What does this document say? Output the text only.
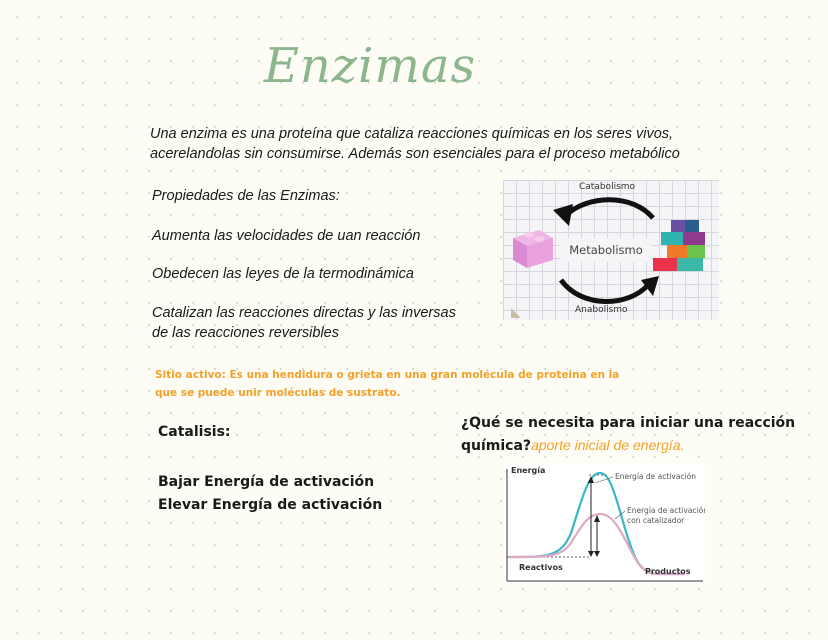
Enzimas
Una enzima es una proteína que cataliza reacciones químicas en los seres vivos,
acerelandolas sin consumirse. Además son esenciales para el proceso metabólico
Propiedades de las Enzimas:
Aumenta las velocidades de uan reacción
Obedecen las leyes de la termodinámica
Catalizan las reacciones directas y las inversas
de las reacciones reversibles
Catabolismo
Metabolismo
Anabolismo
Sitio activo: Es una hendidura o grieta en una gran molécula de proteina en la
que se puede unir moléculas de sustrato.
Catalisis:
Bajar Energía de activación
Elevar Energía de activación
¿Qué se necesita para iniciar una reacción
química?aporte inicial de energía.
Energía
Energía de activación
Energía de activación
con catalizador
Reactivos	Productos
